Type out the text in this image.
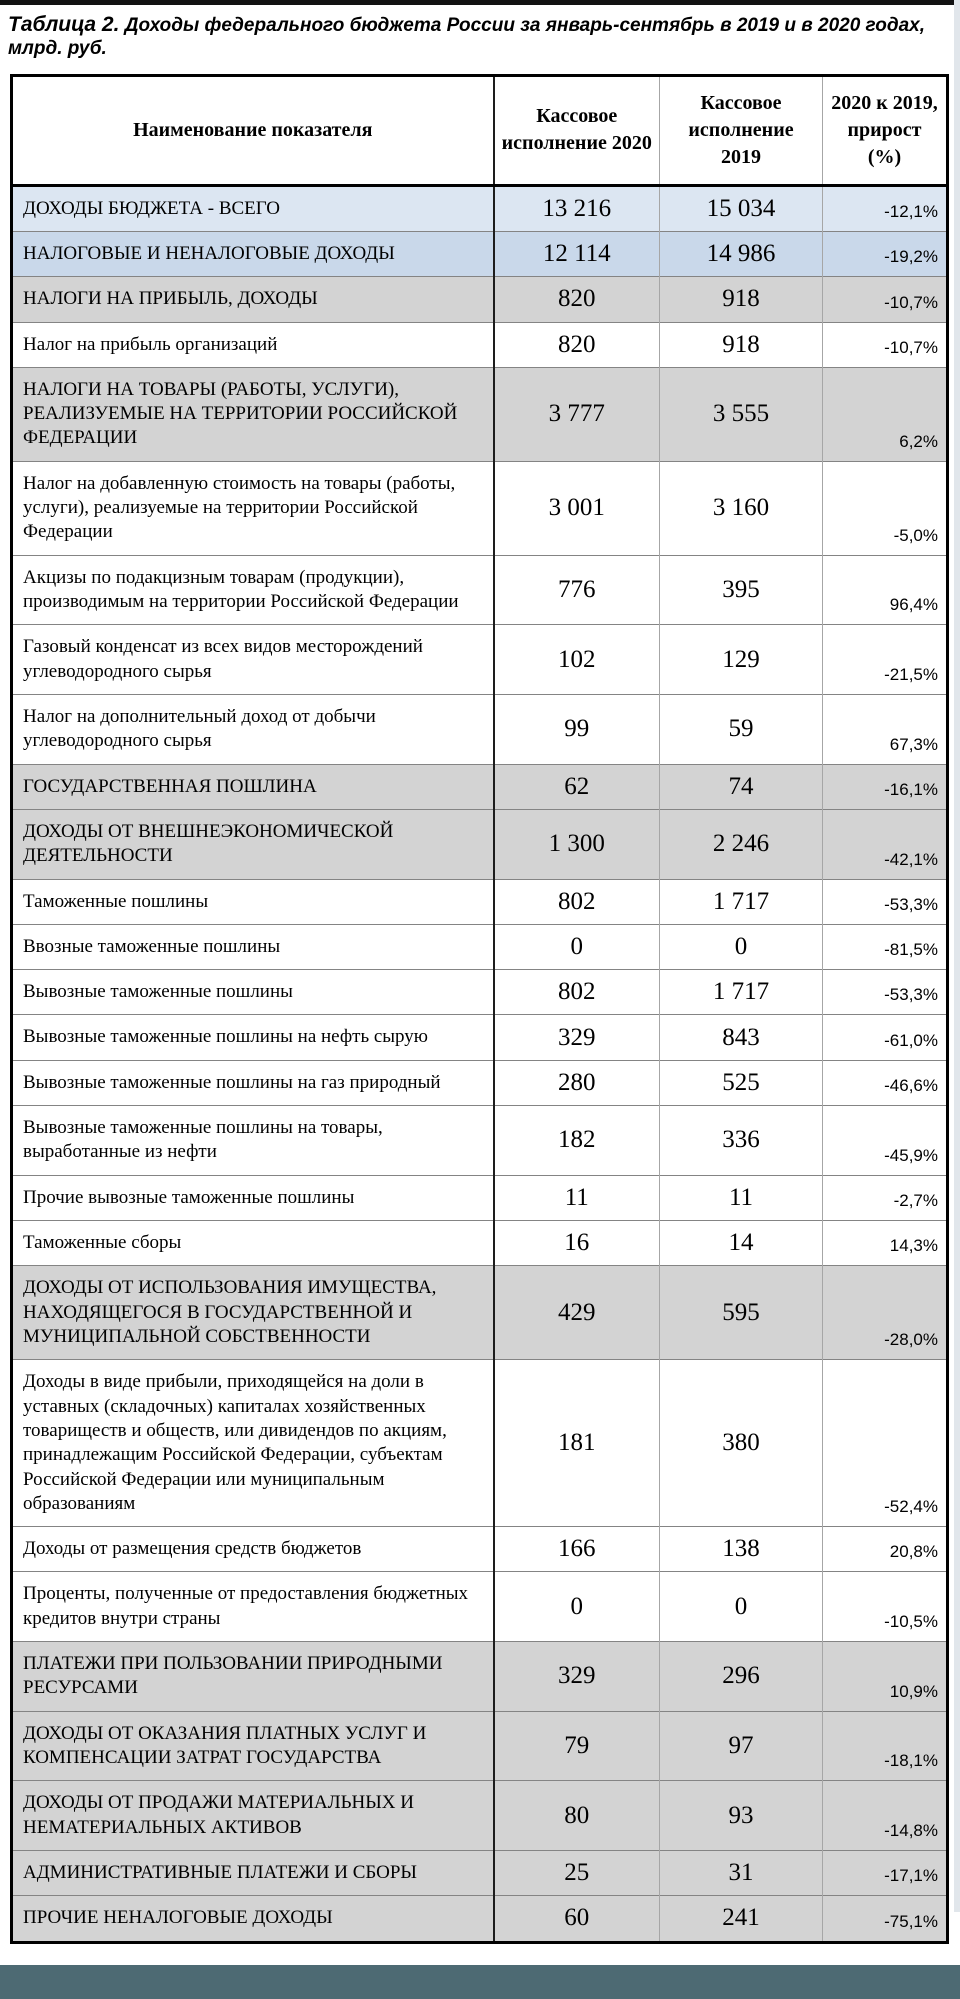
Таблица 2. Доходы федерального бюджета России за январь-сентябрь в 2019 и в 2020 годах, млрд. руб.
Наименование показателя	Кассовое исполнение 2020	Кассовое исполнение 2019	2020 к 2019, прирост (%)
ДОХОДЫ БЮДЖЕТА - ВСЕГО	13 216	15 034	-12,1%
НАЛОГОВЫЕ И НЕНАЛОГОВЫЕ ДОХОДЫ	12 114	14 986	-19,2%
НАЛОГИ НА ПРИБЫЛЬ, ДОХОДЫ	820	918	-10,7%
Налог на прибыль организаций	820	918	-10,7%
НАЛОГИ НА ТОВАРЫ (РАБОТЫ, УСЛУГИ), РЕАЛИЗУЕМЫЕ НА ТЕРРИТОРИИ РОССИЙСКОЙ ФЕДЕРАЦИИ	3 777	3 555	6,2%
Налог на добавленную стоимость на товары (работы, услуги), реализуемые на территории Российской Федерации	3 001	3 160	-5,0%
Акцизы по подакцизным товарам (продукции), производимым на территории Российской Федерации	776	395	96,4%
Газовый конденсат из всех видов месторождений углеводородного сырья	102	129	-21,5%
Налог на дополнительный доход от добычи углеводородного сырья	99	59	67,3%
ГОСУДАРСТВЕННАЯ ПОШЛИНА	62	74	-16,1%
ДОХОДЫ ОТ ВНЕШНЕЭКОНОМИЧЕСКОЙ ДЕЯТЕЛЬНОСТИ	1 300	2 246	-42,1%
Таможенные пошлины	802	1 717	-53,3%
Ввозные таможенные пошлины	0	0	-81,5%
Вывозные таможенные пошлины	802	1 717	-53,3%
Вывозные таможенные пошлины на нефть сырую	329	843	-61,0%
Вывозные таможенные пошлины на газ природный	280	525	-46,6%
Вывозные таможенные пошлины на товары, выработанные из нефти	182	336	-45,9%
Прочие вывозные таможенные пошлины	11	11	-2,7%
Таможенные сборы	16	14	14,3%
ДОХОДЫ ОТ ИСПОЛЬЗОВАНИЯ ИМУЩЕСТВА, НАХОДЯЩЕГОСЯ В ГОСУДАРСТВЕННОЙ И МУНИЦИПАЛЬНОЙ СОБСТВЕННОСТИ	429	595	-28,0%
Доходы в виде прибыли, приходящейся на доли в уставных (складочных) капиталах хозяйственных товариществ и обществ, или дивидендов по акциям, принадлежащим Российской Федерации, субъектам Российской Федерации или муниципальным образованиям	181	380	-52,4%
Доходы от размещения средств бюджетов	166	138	20,8%
Проценты, полученные от предоставления бюджетных кредитов внутри страны	0	0	-10,5%
ПЛАТЕЖИ ПРИ ПОЛЬЗОВАНИИ ПРИРОДНЫМИ РЕСУРСАМИ	329	296	10,9%
ДОХОДЫ ОТ ОКАЗАНИЯ ПЛАТНЫХ УСЛУГ И КОМПЕНСАЦИИ ЗАТРАТ ГОСУДАРСТВА	79	97	-18,1%
ДОХОДЫ ОТ ПРОДАЖИ МАТЕРИАЛЬНЫХ И НЕМАТЕРИАЛЬНЫХ АКТИВОВ	80	93	-14,8%
АДМИНИСТРАТИВНЫЕ ПЛАТЕЖИ И СБОРЫ	25	31	-17,1%
ПРОЧИЕ НЕНАЛОГОВЫЕ ДОХОДЫ	60	241	-75,1%
